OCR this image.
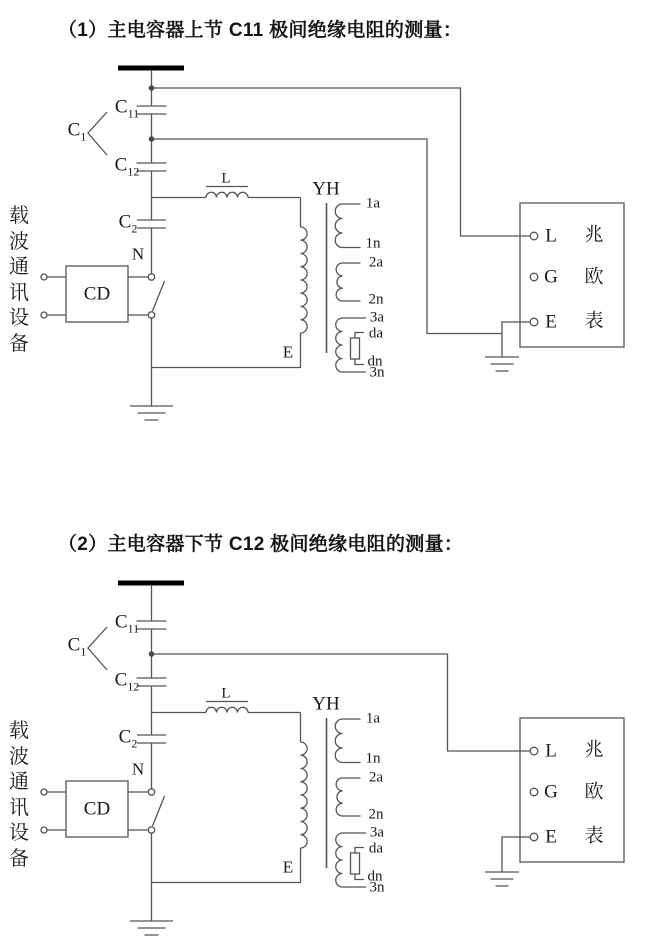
（1）主电容器上节 C11 极间绝缘电阻的测量：
（2）主电容器下节 C12 极间绝缘电阻的测量：
$C_{11}$
$C_1$
$C_{12}$
$C_2$
N
CD
载波通讯设备
L	YH
E
1a
1n
2a
2n
3a
da
dn
3n
L
G
E
兆
欧
表
$C_{11}$
$C_1$
$C_{12}$
$C_2$
N
CD
载波通讯设备
L	YH
E
1a
1n
2a
2n
3a
da
dn
3n
L
G
E
兆
欧
表
